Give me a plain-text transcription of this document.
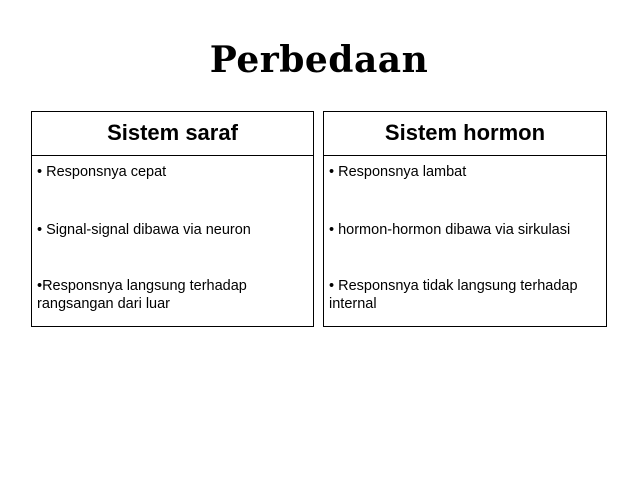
Perbedaan
Sistem saraf
• Responsnya cepat
• Signal-signal dibawa via neuron
•Responsnya langsung terhadap rangsangan dari luar
Sistem hormon
• Responsnya lambat
• hormon-hormon dibawa via sirkulasi
• Responsnya tidak langsung terhadap internal
